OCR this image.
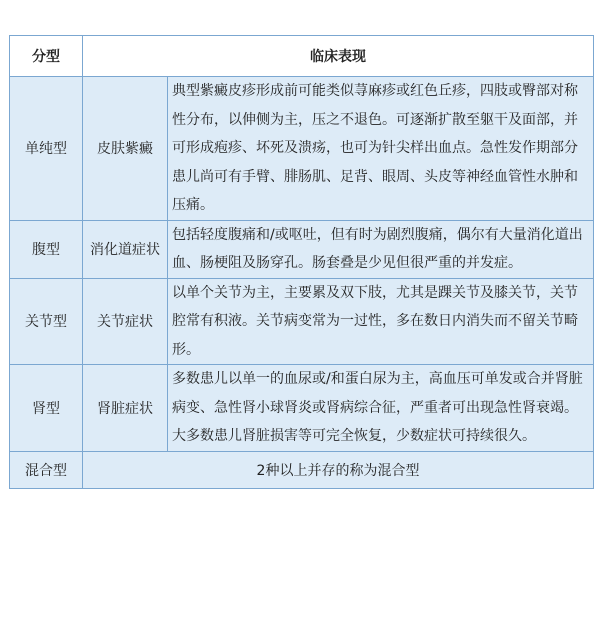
分型	临床表现	
单纯型	皮肤紫癜	典型紫癜皮疹形成前可能类似荨麻疹或红色丘疹，四肢或臀部对称性分布，以伸侧为主，压之不退色。可逐渐扩散至躯干及面部，并可形成疱疹、坏死及溃疡，也可为针尖样出血点。急性发作期部分患儿尚可有手臂、腓肠肌、足背、眼周、头皮等神经血管性水肿和压痛。
腹型	消化道症状	包括轻度腹痛和/或呕吐，但有时为剧烈腹痛，偶尔有大量消化道出血、肠梗阻及肠穿孔。肠套叠是少见但很严重的并发症。
关节型	关节症状	以单个关节为主，主要累及双下肢，尤其是踝关节及膝关节，关节腔常有积液。关节病变常为一过性，多在数日内消失而不留关节畸形。
肾型	肾脏症状	多数患儿以单一的血尿或/和蛋白尿为主，高血压可单发或合并肾脏病变、急性肾小球肾炎或肾病综合征，严重者可出现急性肾衰竭。大多数患儿肾脏损害等可完全恢复，少数症状可持续很久。
混合型	2种以上并存的称为混合型	
